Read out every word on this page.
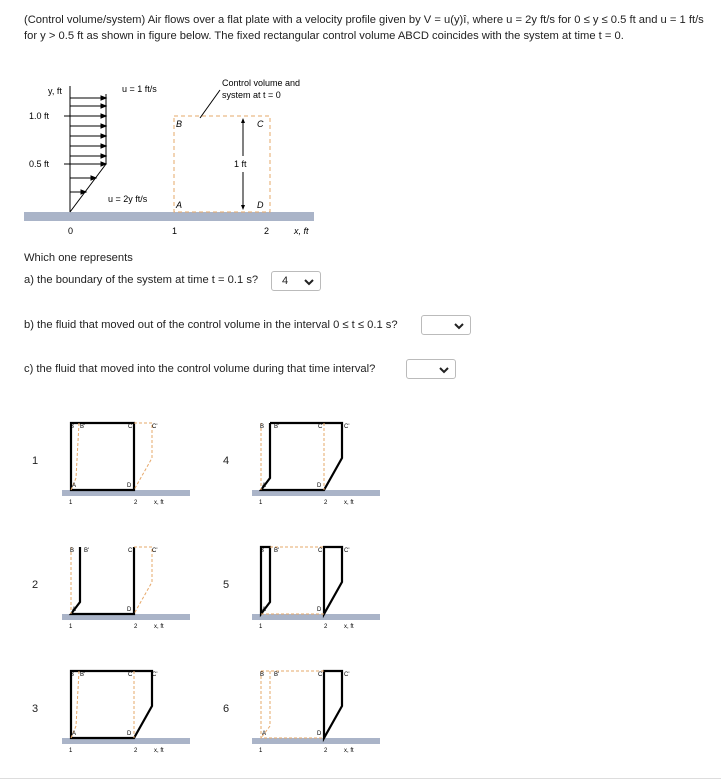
(Control volume/system) Air flows over a flat plate with a velocity profile given by V = u(y)î, where u = 2y ft/s for 0 ≤ y ≤ 0.5 ft and u = 1 ft/s for y > 0.5 ft as shown in figure below. The fixed rectangular control volume ABCD coincides with the system at time t = 0.
y, ft
1.0 ft
0.5 ft
u = 1 ft/s
u = 2y ft/s
B	C
A	D
1 ft
Control volume and
system at t = 0
0	1	2	x, ft
Which one represents
a) the boundary of the system at time t = 0.1 s? 4
b) the fluid that moved out of the control volume in the interval 0 ≤ t ≤ 0.1 s?
c) the fluid that moved into the control volume during that time interval?
1
B B'	C	C'
A	D
1	2	x, ft
2
B B'	C	C'
A	D
1	2	x, ft
3
B B'	C	C'
A	D
1	2	x, ft
4
B B'	C	C'
A	D
1	2	x, ft
5
B B'	C	C'
A	D
1	2	x, ft
6
B B'	C	C'
A	D
1	2	x, ft
